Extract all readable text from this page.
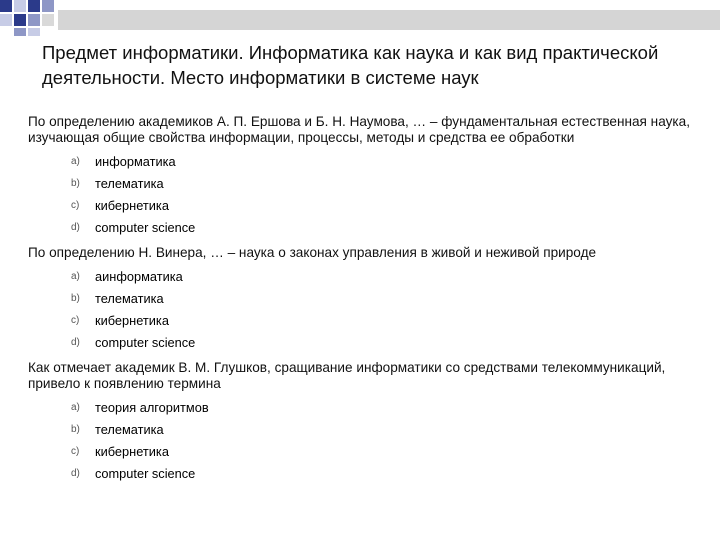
Предмет информатики. Информатика как наука и как вид практической деятельности. Место информатики в системе наук
По определению академиков А. П. Ершова и Б. Н. Наумова, … – фундаментальная естественная наука, изучающая общие свойства информации, процессы, методы и средства ее обработки
a) информатика
b) телематика
c) кибернетика
d) computer science
По определению Н. Винера, … – наука о законах управления в живой и неживой природе
a) аинформатика
b) телематика
c) кибернетика
d) computer science
Как отмечает академик В. М. Глушков, сращивание информатики со средствами телекоммуникаций, привело к появлению термина
a) теория алгоритмов
b) телематика
c) кибернетика
d) computer science
